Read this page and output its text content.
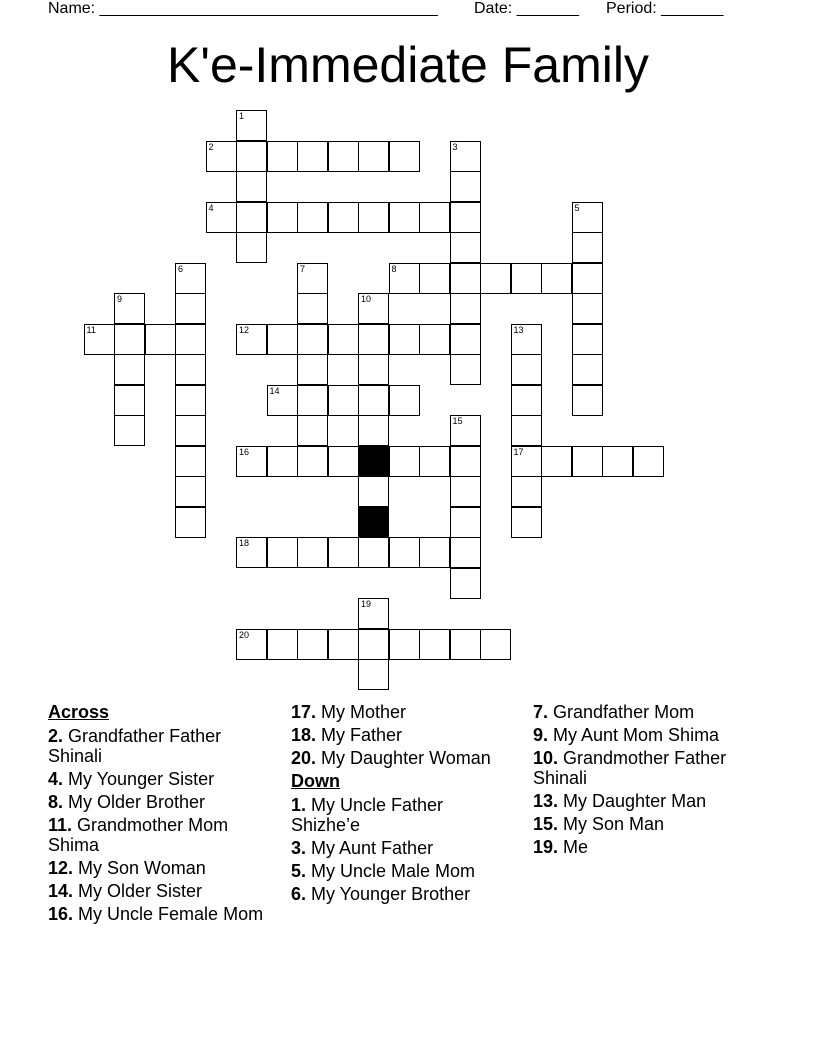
Name: ______________________________________ Date: _______ Period: _______
K'e-Immediate Family
1
2	3
4	5
6	7	8
9	10
11	12	13
17
14
15
16
18
19
20
Across
2. Grandfather Father Shinali
4. My Younger Sister
8. My Older Brother
11. Grandmother Mom Shima
12. My Son Woman
14. My Older Sister
16. My Uncle Female Mom
17. My Mother
18. My Father
20. My Daughter Woman
Down
1. My Uncle Father Shizhe’e
3. My Aunt Father
5. My Uncle Male Mom
6. My Younger Brother
7. Grandfather Mom
9. My Aunt Mom Shima
10. Grandmother Father Shinali
13. My Daughter Man
15. My Son Man
19. Me
